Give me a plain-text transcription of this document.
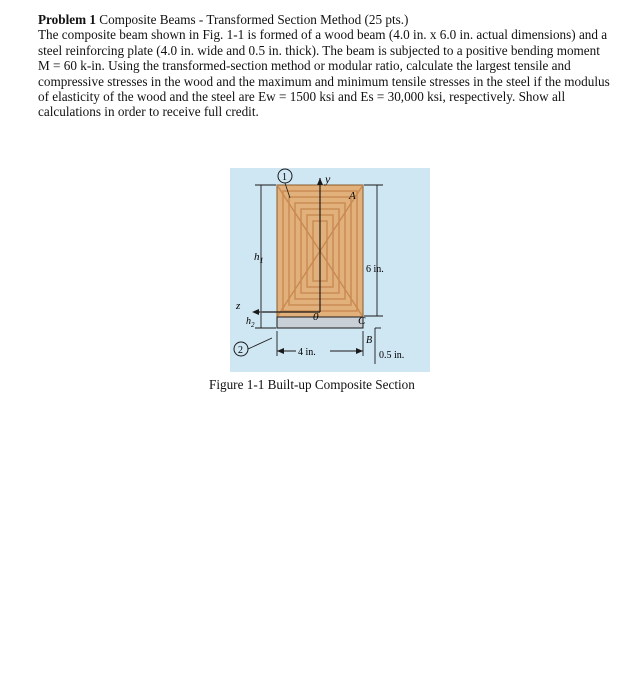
Problem 1 Composite Beams - Transformed Section Method (25 pts.)
The composite beam shown in Fig. 1-1 is formed of a wood beam (4.0 in. x 6.0 in. actual dimensions) and a steel reinforcing plate (4.0 in. wide and 0.5 in. thick). The beam is subjected to a positive bending moment M = 60 k-in. Using the transformed-section method or modular ratio, calculate the largest tensile and compressive stresses in the wood and the maximum and minimum tensile stresses in the steel if the modulus of elasticity of the wood and the steel are Ew = 1500 ksi and Es = 30,000 ksi, respectively. Show all calculations in order to receive full credit.
y
z
0
1
2
A
C
B
$h_1$
$h_2$
6 in.
4 in.	0.5 in.
Figure 1-1 Built-up Composite Section
